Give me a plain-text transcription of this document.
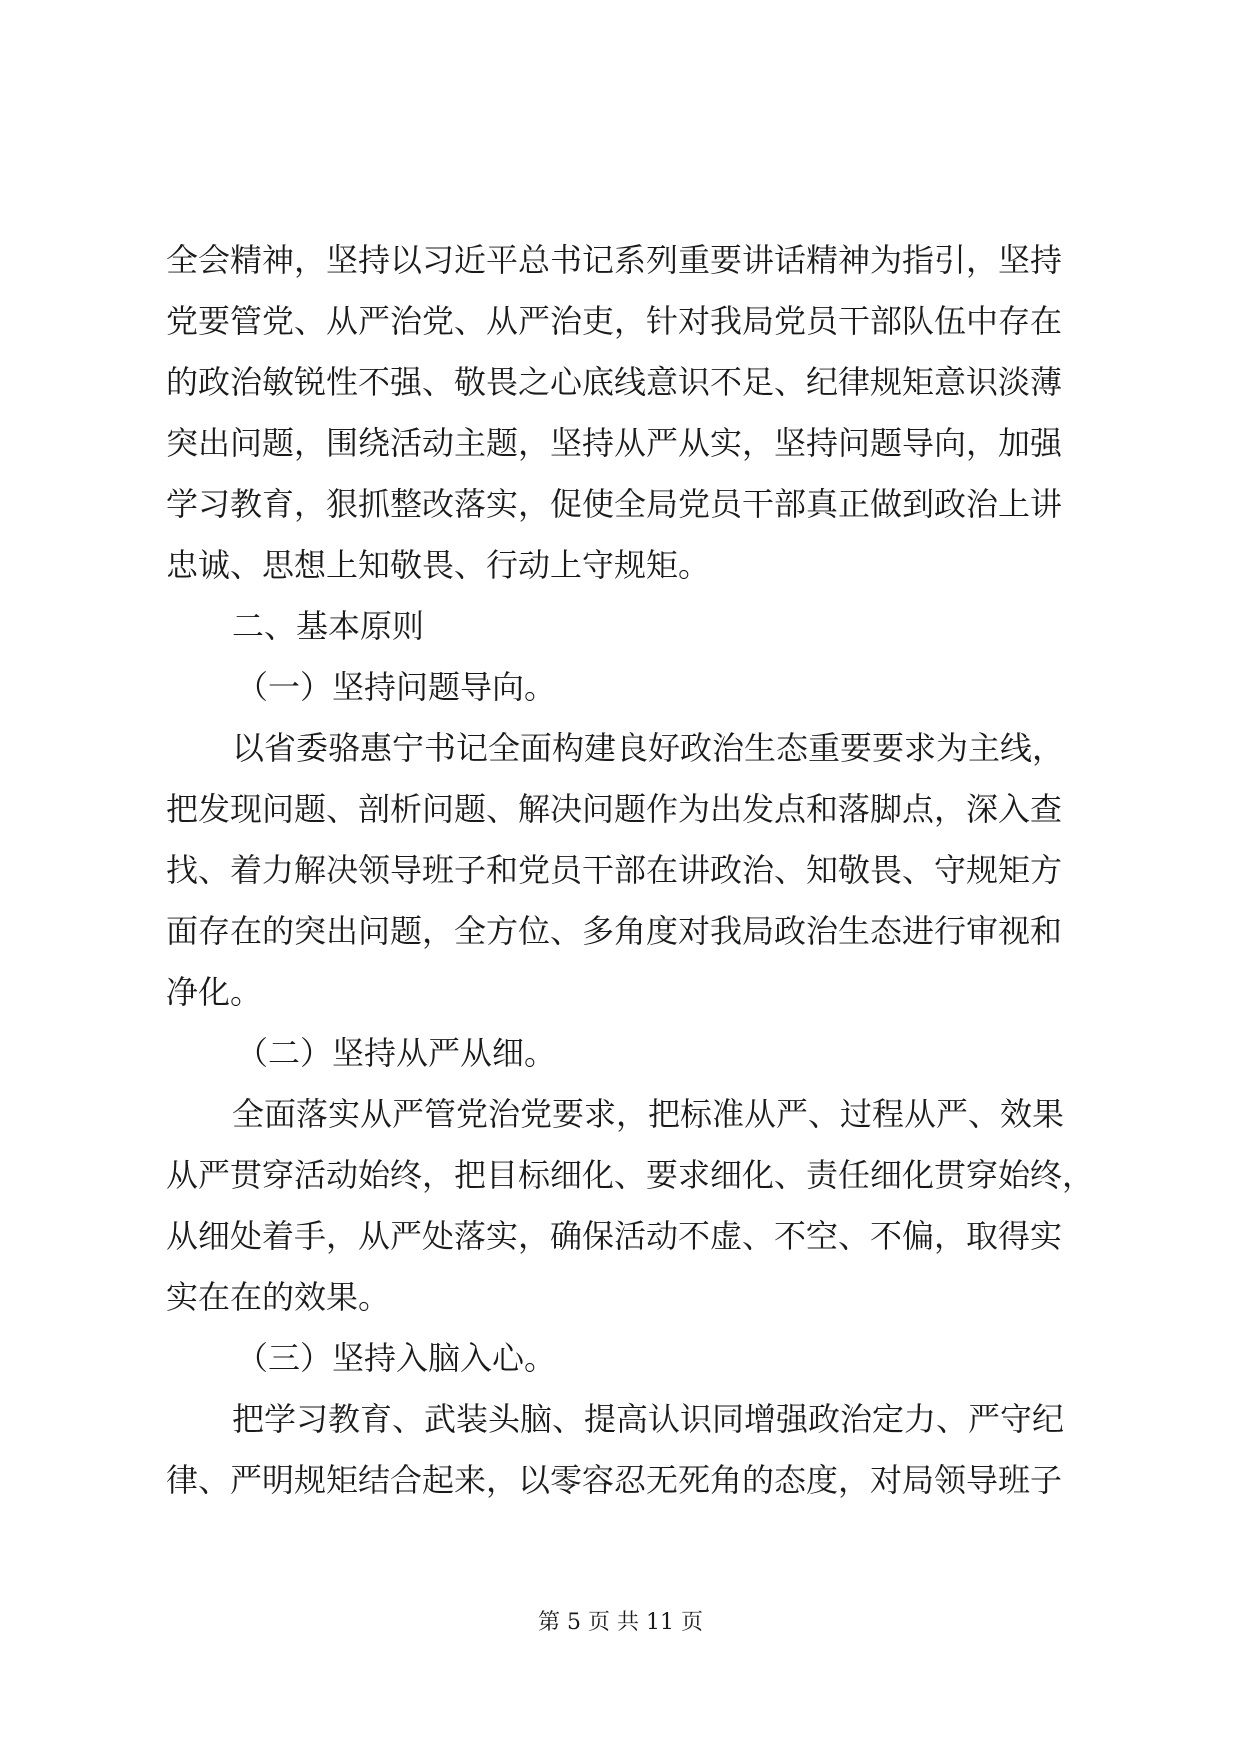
全会精神，坚持以习近平总书记系列重要讲话精神为指引，坚持
党要管党、从严治党、从严治吏，针对我局党员干部队伍中存在
的政治敏锐性不强、敬畏之心底线意识不足、纪律规矩意识淡薄
突出问题，围绕活动主题，坚持从严从实，坚持问题导向，加强
学习教育，狠抓整改落实，促使全局党员干部真正做到政治上讲
忠诚、思想上知敬畏、行动上守规矩。
二、基本原则
（一）坚持问题导向。
以省委骆惠宁书记全面构建良好政治生态重要要求为主线，
把发现问题、剖析问题、解决问题作为出发点和落脚点，深入查
找、着力解决领导班子和党员干部在讲政治、知敬畏、守规矩方
面存在的突出问题，全方位、多角度对我局政治生态进行审视和
净化。
（二）坚持从严从细。
全面落实从严管党治党要求，把标准从严、过程从严、效果
从严贯穿活动始终，把目标细化、要求细化、责任细化贯穿始终，
从细处着手，从严处落实，确保活动不虚、不空、不偏，取得实
实在在的效果。
（三）坚持入脑入心。
把学习教育、武装头脑、提高认识同增强政治定力、严守纪
律、严明规矩结合起来，以零容忍无死角的态度，对局领导班子
第 5 页 共 11 页
